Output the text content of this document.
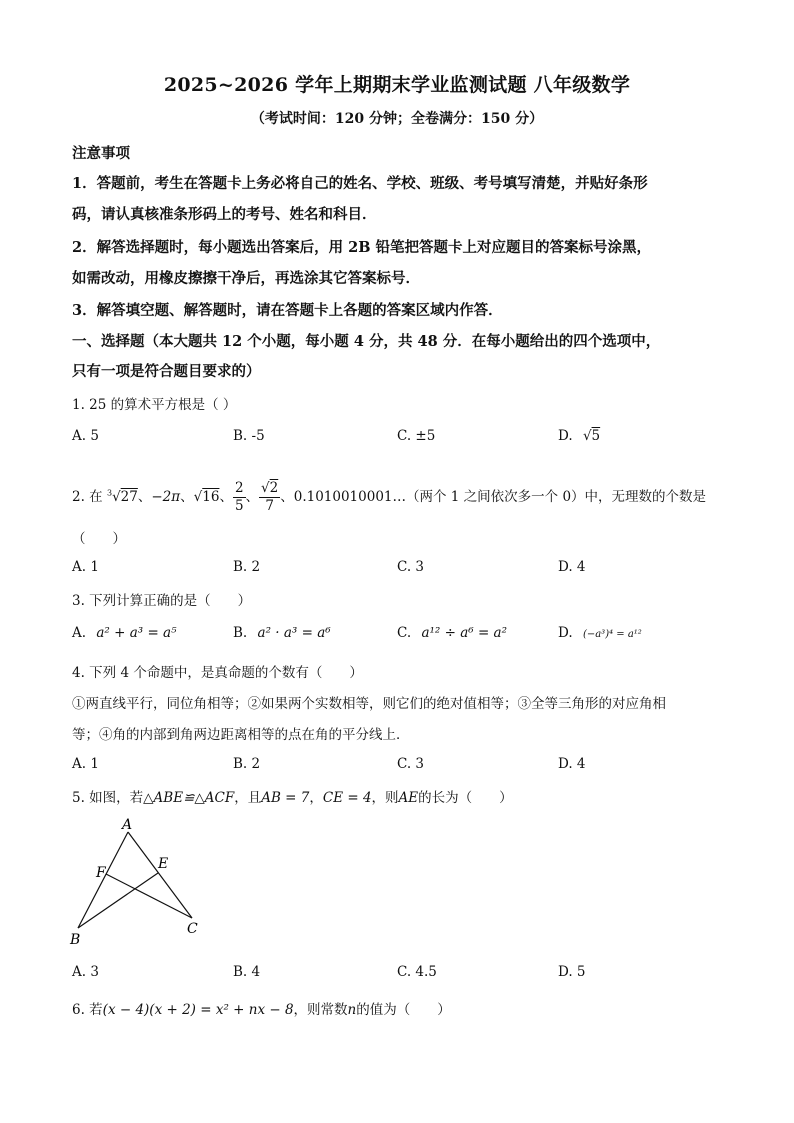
2025~2026 学年上期期末学业监测试题 八年级数学
（考试时间：120 分钟；全卷满分：150 分）
注意事项
1．答题前，考生在答题卡上务必将自己的姓名、学校、班级、考号填写清楚，并贴好条形
码，请认真核准条形码上的考号、姓名和科目．
2．解答选择题时，每小题选出答案后，用 2B 铅笔把答题卡上对应题目的答案标号涂黑，
如需改动，用橡皮擦擦干净后，再选涂其它答案标号．
3．解答填空题、解答题时，请在答题卡上各题的答案区域内作答．
一、选择题（本大题共 12 个小题，每小题 4 分，共 48 分．在每小题给出的四个选项中，
只有一项是符合题目要求的）
1. 25 的算术平方根是（ ）
A. 5	B. -5	C. ±5	D. √5
2. 在 $^3$√27、−2π、√16、 $\frac{2}{5}$ 、 $\frac{√2}{7}$ 、0.1010010001…（两个 1 之间依次多一个 0）中，无理数的个数是
（　　）
A. 1	B. 2	C. 3	D. 4
3. 下列计算正确的是（　　）
A. a² + a³ = a⁵	B. a² · a³ = a⁶	C. a¹² ÷ a⁶ = a²	D. (−a³)⁴ = a¹²
4. 下列 4 个命题中，是真命题的个数有（　　）
①两直线平行，同位角相等；②如果两个实数相等，则它们的绝对值相等；③全等三角形的对应角相
等；④角的内部到角两边距离相等的点在角的平分线上．
A. 1	B. 2	C. 3	D. 4
5. 如图，若△ABE≌△ACF，且AB = 7，CE = 4，则AE的长为（　　）
A
F
E
B
C
A. 3	B. 4	C. 4.5	D. 5
6. 若(x − 4)(x + 2) = x² + nx − 8，则常数n的值为（　　）
